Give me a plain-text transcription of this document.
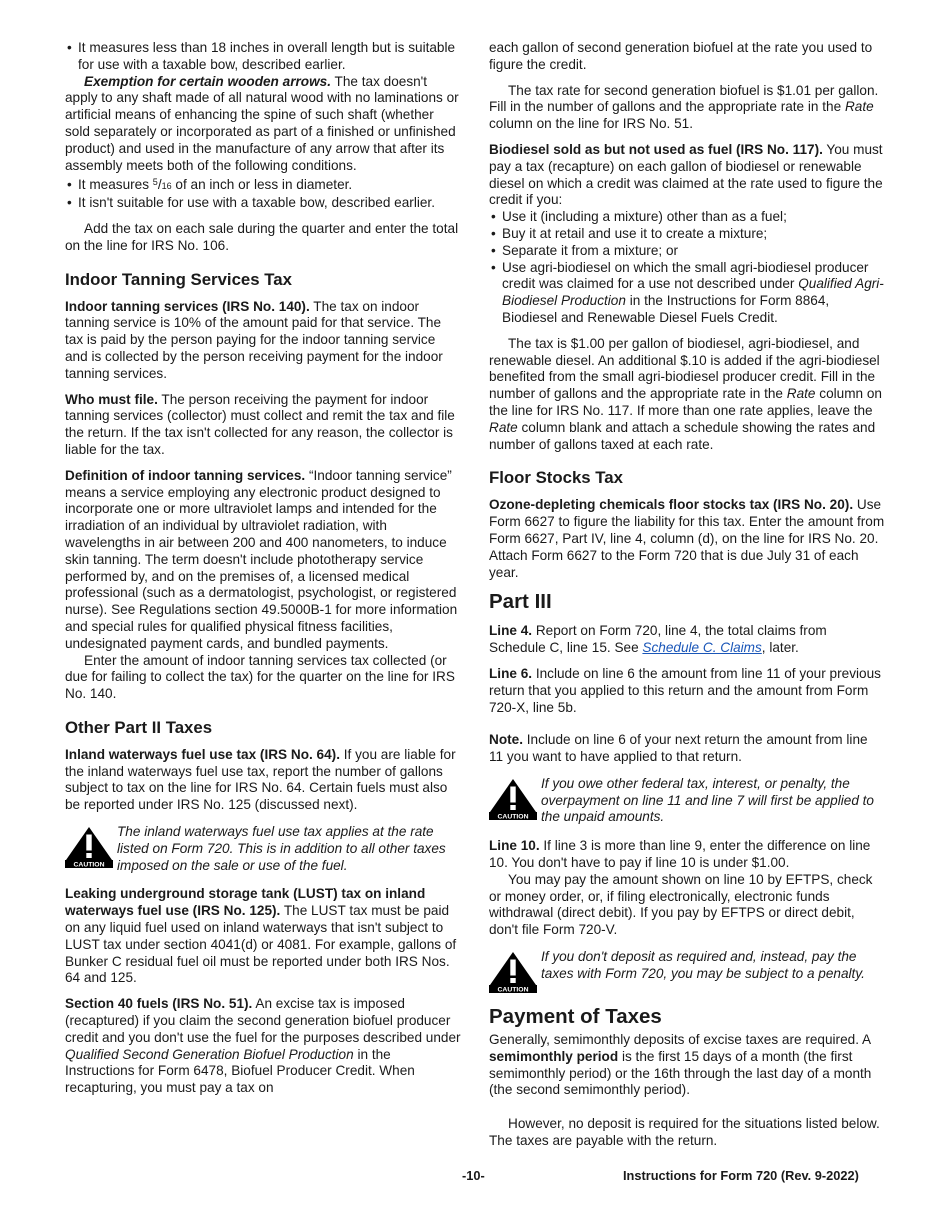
• It measures less than 18 inches in overall length but is suitable for use with a taxable bow, described earlier.

Exemption for certain wooden arrows. The tax doesn't apply to any shaft made of all natural wood with no laminations or artificial means of enhancing the spine of such shaft (whether sold separately or incorporated as part of a finished or unfinished product) and used in the manufacture of any arrow that after its assembly meets both of the following conditions.

• It measures $^5$/16 of an inch or less in diameter.

• It isn't suitable for use with a taxable bow, described earlier.

Add the tax on each sale during the quarter and enter the total on the line for IRS No. 106.

Indoor Tanning Services Tax

Indoor tanning services (IRS No. 140). The tax on indoor tanning service is 10% of the amount paid for that service. The tax is paid by the person paying for the indoor tanning service and is collected by the person receiving payment for the indoor tanning services.

Who must file. The person receiving the payment for indoor tanning services (collector) must collect and remit the tax and file the return. If the tax isn't collected for any reason, the collector is liable for the tax.

Definition of indoor tanning services. “Indoor tanning service” means a service employing any electronic product designed to incorporate one or more ultraviolet lamps and intended for the irradiation of an individual by ultraviolet radiation, with wavelengths in air between 200 and 400 nanometers, to induce skin tanning. The term doesn't include phototherapy service performed by, and on the premises of, a licensed medical professional (such as a dermatologist, psychologist, or registered nurse). See Regulations section 49.5000B-1 for more information and special rules for qualified physical fitness facilities, undesignated payment cards, and bundled payments.

Enter the amount of indoor tanning services tax collected (or due for failing to collect the tax) for the quarter on the line for IRS No. 140.

Other Part II Taxes

Inland waterways fuel use tax (IRS No. 64). If you are liable for the inland waterways fuel use tax, report the number of gallons subject to tax on the line for IRS No. 64. Certain fuels must also be reported under IRS No. 125 (discussed next).

CAUTION
The inland waterways fuel use tax applies at the rate listed on Form 720. This is in addition to all other taxes imposed on the sale or use of the fuel.

Leaking underground storage tank (LUST) tax on inland waterways fuel use (IRS No. 125). The LUST tax must be paid on any liquid fuel used on inland waterways that isn't subject to LUST tax under section 4041(d) or 4081. For example, gallons of Bunker C residual fuel oil must be reported under both IRS Nos. 64 and 125.

Section 40 fuels (IRS No. 51). An excise tax is imposed (recaptured) if you claim the second generation biofuel producer credit and you don't use the fuel for the purposes described under Qualified Second Generation Biofuel Production in the Instructions for Form 6478, Biofuel Producer Credit. When recapturing, you must pay a tax on

each gallon of second generation biofuel at the rate you used to figure the credit.

The tax rate for second generation biofuel is $1.01 per gallon. Fill in the number of gallons and the appropriate rate in the Rate column on the line for IRS No. 51.

Biodiesel sold as but not used as fuel (IRS No. 117). You must pay a tax (recapture) on each gallon of biodiesel or renewable diesel on which a credit was claimed at the rate used to figure the credit if you:

• Use it (including a mixture) other than as a fuel;

• Buy it at retail and use it to create a mixture;

• Separate it from a mixture; or

• Use agri-biodiesel on which the small agri-biodiesel producer credit was claimed for a use not described under Qualified Agri-Biodiesel Production in the Instructions for Form 8864, Biodiesel and Renewable Diesel Fuels Credit.

The tax is $1.00 per gallon of biodiesel, agri-biodiesel, and renewable diesel. An additional $.10 is added if the agri-biodiesel benefited from the small agri-biodiesel producer credit. Fill in the number of gallons and the appropriate rate in the Rate column on the line for IRS No. 117. If more than one rate applies, leave the Rate column blank and attach a schedule showing the rates and number of gallons taxed at each rate.

Floor Stocks Tax

Ozone-depleting chemicals floor stocks tax (IRS No. 20). Use Form 6627 to figure the liability for this tax. Enter the amount from Form 6627, Part IV, line 4, column (d), on the line for IRS No. 20. Attach Form 6627 to the Form 720 that is due July 31 of each year.

Part III

Line 4. Report on Form 720, line 4, the total claims from Schedule C, line 15. See Schedule C. Claims, later.

Line 6. Include on line 6 the amount from line 11 of your previous return that you applied to this return and the amount from Form 720-X, line 5b.

Note. Include on line 6 of your next return the amount from line 11 you want to have applied to that return.

CAUTION
If you owe other federal tax, interest, or penalty, the overpayment on line 11 and line 7 will first be applied to the unpaid amounts.

Line 10. If line 3 is more than line 9, enter the difference on line 10. You don't have to pay if line 10 is under $1.00.

You may pay the amount shown on line 10 by EFTPS, check or money order, or, if filing electronically, electronic funds withdrawal (direct debit). If you pay by EFTPS or direct debit, don't file Form 720-V.

CAUTION
If you don't deposit as required and, instead, pay the taxes with Form 720, you may be subject to a penalty.
Payment of Taxes

Generally, semimonthly deposits of excise taxes are required. A semimonthly period is the first 15 days of a month (the first semimonthly period) or the 16th through the last day of a month (the second semimonthly period).

However, no deposit is required for the situations listed below. The taxes are payable with the return.

-10-	Instructions for Form 720 (Rev. 9-2022)
